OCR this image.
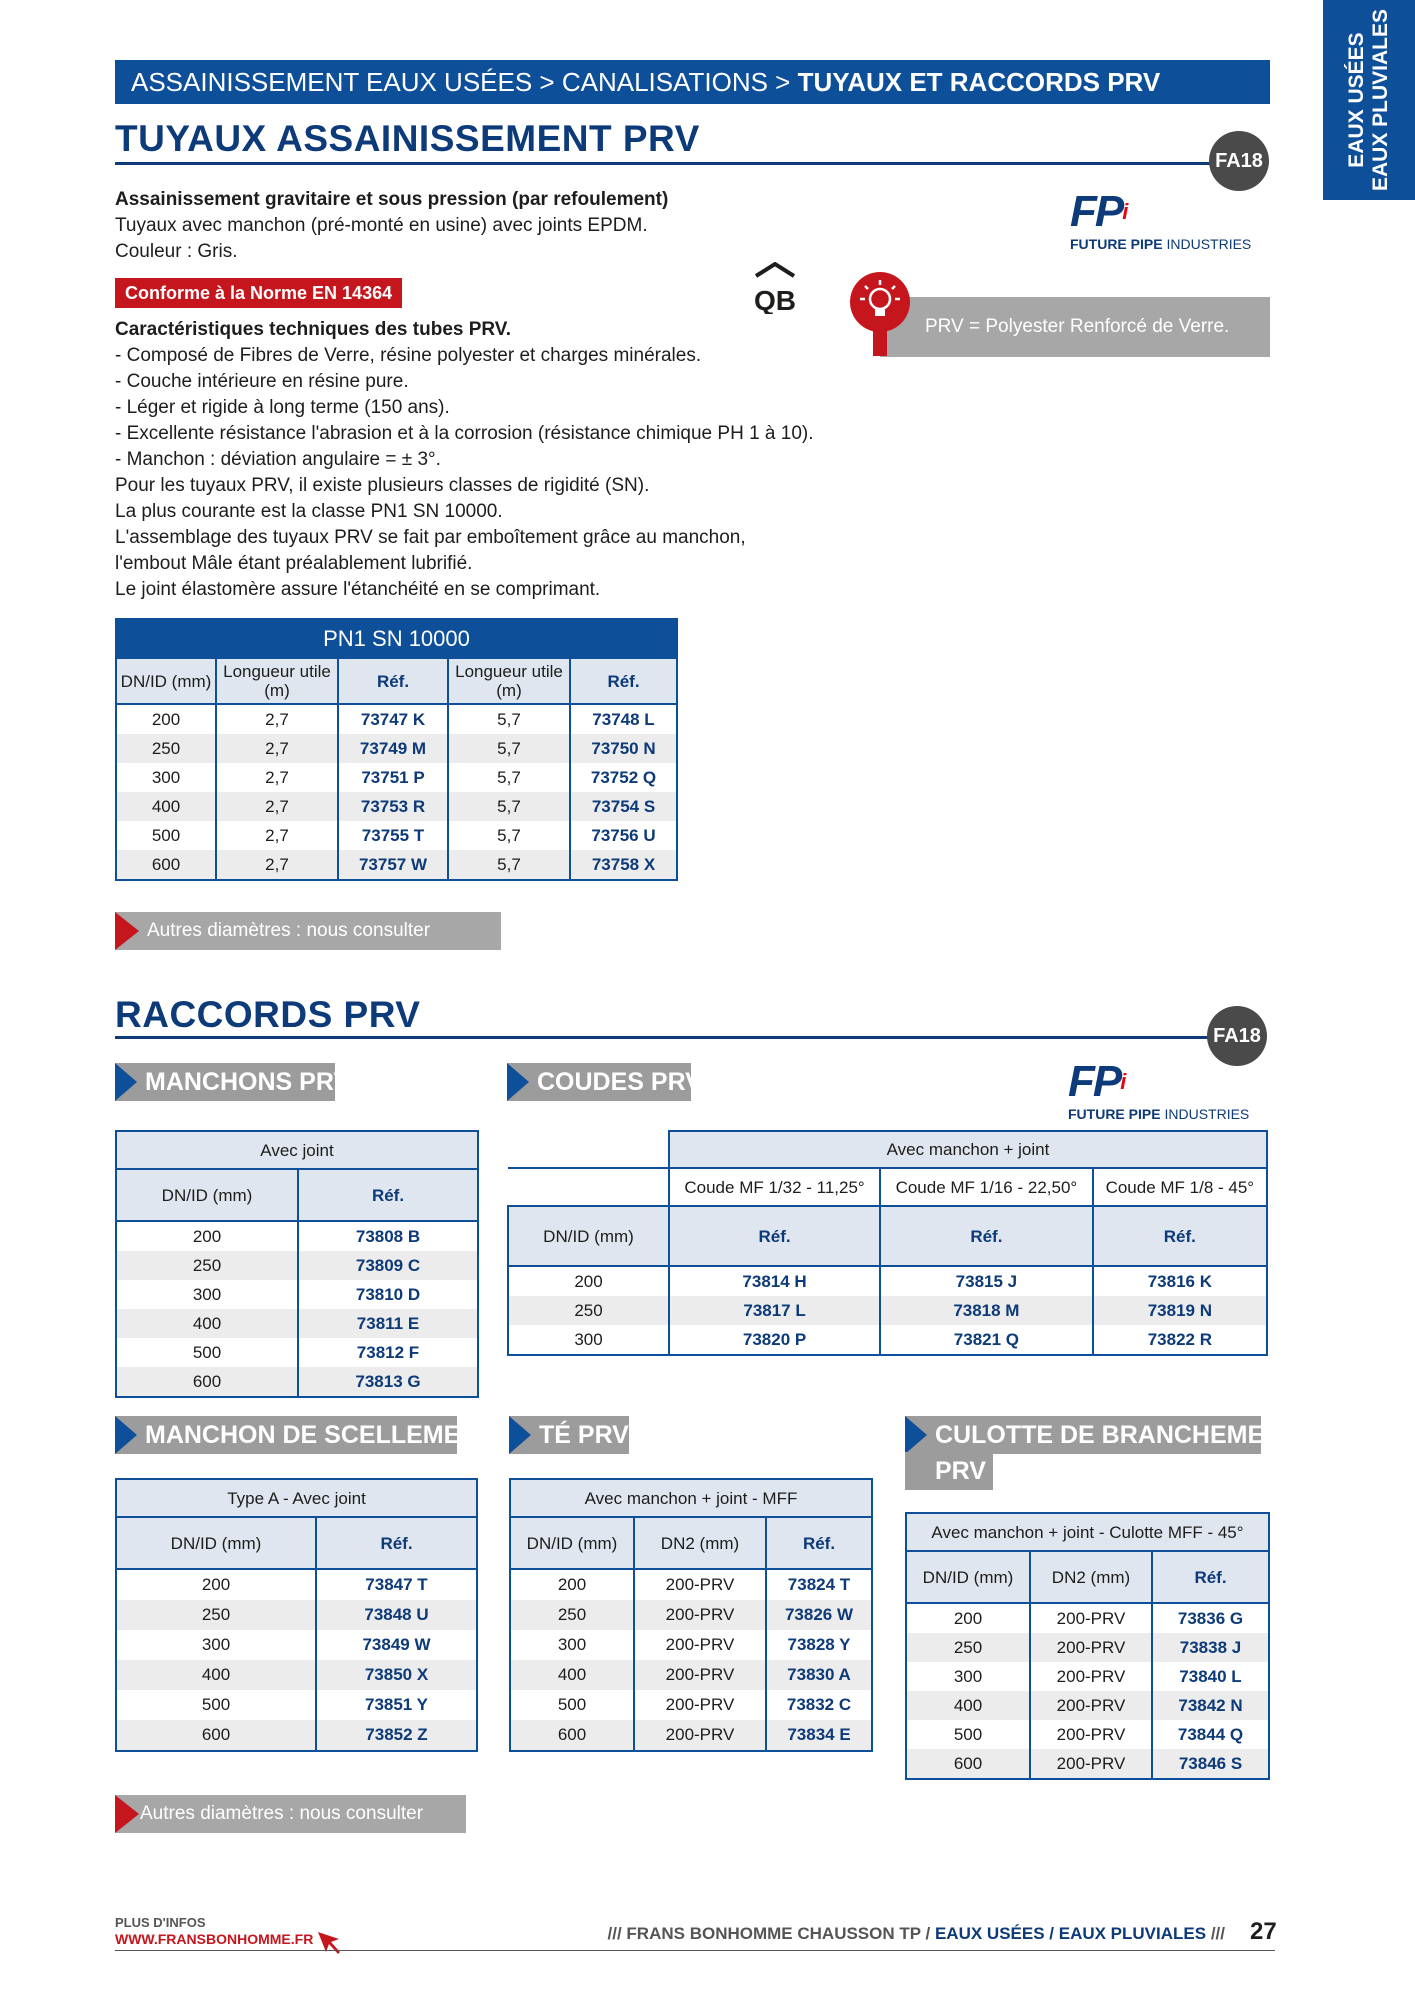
EAUX USÉES EAUX PLUVIALES
ASSAINISSEMENT EAUX USÉES > CANALISATIONS > TUYAUX ET RACCORDS PRV
TUYAUX ASSAINISSEMENT PRV
FA18
$FP^i$
FUTURE PIPE INDUSTRIES
Assainissement gravitaire et sous pression (par refoulement)
Tuyaux avec manchon (pré-monté en usine) avec joints EPDM.
Couleur : Gris.
Conforme à la Norme EN 14364	QB
Caractéristiques techniques des tubes PRV.
- Composé de Fibres de Verre, résine polyester et charges minérales.
- Couche intérieure en résine pure.
- Léger et rigide à long terme (150 ans).
- Excellente résistance l'abrasion et à la corrosion (résistance chimique PH 1 à 10).
- Manchon : déviation angulaire = ± 3°.
Pour les tuyaux PRV, il existe plusieurs classes de rigidité (SN).
La plus courante est la classe PN1 SN 10000.
L'assemblage des tuyaux PRV se fait par emboîtement grâce au manchon,
l'embout Mâle étant préalablement lubrifié.
Le joint élastomère assure l'étanchéité en se comprimant.
PRV = Polyester Renforcé de Verre.
PN1 SN 10000				
DN/ID (mm)	Longueur utile (m)	Réf.	Longueur utile (m)	Réf.
200	2,7	73747 K	5,7	73748 L
250	2,7	73749 M	5,7	73750 N
300	2,7	73751 P	5,7	73752 Q
400	2,7	73753 R	5,7	73754 S
500	2,7	73755 T	5,7	73756 U
600	2,7	73757 W	5,7	73758 X
Autres diamètres : nous consulter
RACCORDS PRV
FA18
$FP^i$
FUTURE PIPE INDUSTRIES
MANCHONS PRV
Avec joint	
DN/ID (mm)	Réf.
200	73808 B
250	73809 C
300	73810 D
400	73811 E
500	73812 F
600	73813 G
COUDES PRV
	Avec manchon + joint		
	Coude MF 1/32 - 11,25°	Coude MF 1/16 - 22,50°	Coude MF 1/8 - 45°
DN/ID (mm)	Réf.	Réf.	Réf.
200	73814 H	73815 J	73816 K
250	73817 L	73818 M	73819 N
300	73820 P	73821 Q	73822 R
MANCHON DE SCELLEMENT
Type A - Avec joint	
DN/ID (mm)	Réf.
200	73847 T
250	73848 U
300	73849 W
400	73850 X
500	73851 Y
600	73852 Z
TÉ PRV
Avec manchon + joint - MFF		
DN/ID (mm)	DN2 (mm)	Réf.
200	200-PRV	73824 T
250	200-PRV	73826 W
300	200-PRV	73828 Y
400	200-PRV	73830 A
500	200-PRV	73832 C
600	200-PRV	73834 E
CULOTTE DE BRANCHEMENT
PRV
Avec manchon + joint - Culotte MFF - 45°		
DN/ID (mm)	DN2 (mm)	Réf.
200	200-PRV	73836 G
250	200-PRV	73838 J
300	200-PRV	73840 L
400	200-PRV	73842 N
500	200-PRV	73844 Q
600	200-PRV	73846 S
Autres diamètres : nous consulter
PLUS D'INFOS
WWW.FRANSBONHOMME.FR	/// FRANS BONHOMME CHAUSSON TP / EAUX USÉES / EAUX PLUVIALES /// 27
